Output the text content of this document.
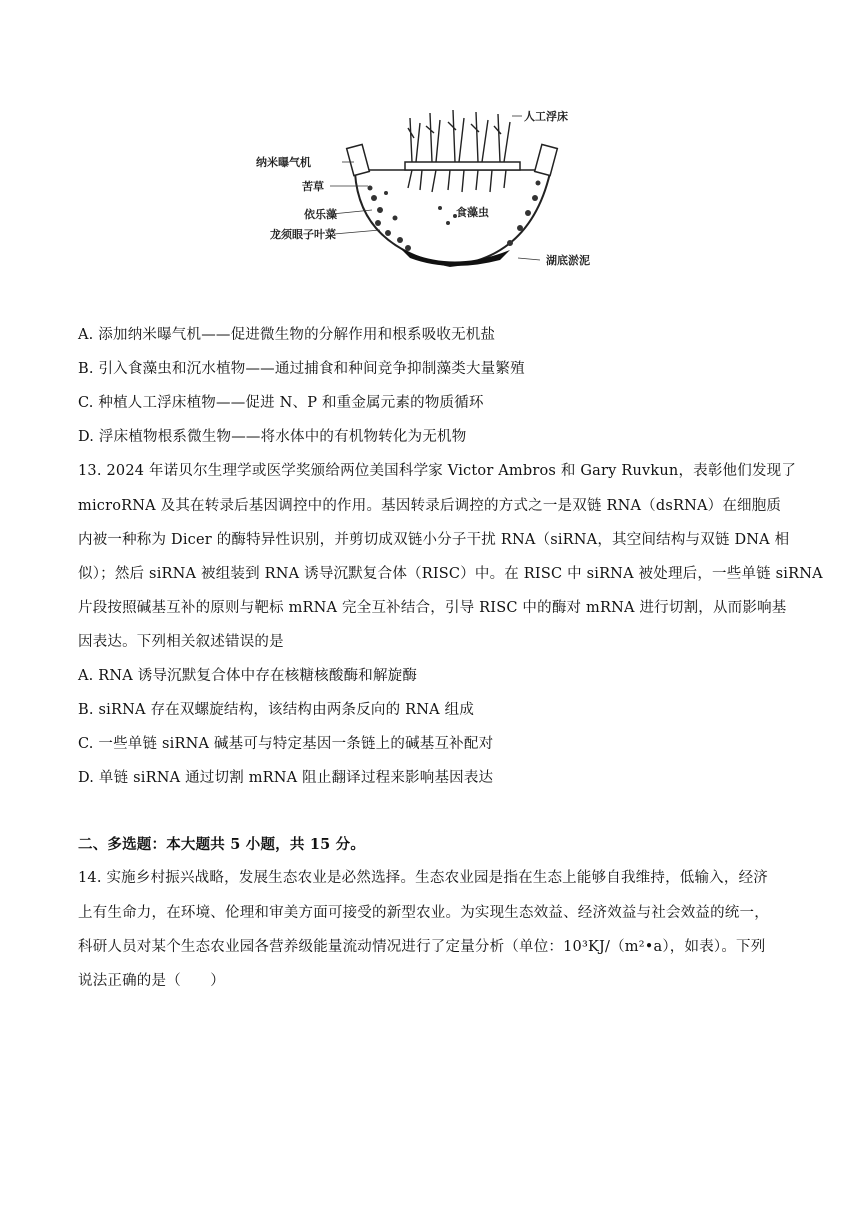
人工浮床
纳米曝气机
苦草
依乐藻
龙须眼子叶菜
食藻虫
湖底淤泥
A. 添加纳米曝气机——促进微生物的分解作用和根系吸收无机盐
B. 引入食藻虫和沉水植物——通过捕食和种间竞争抑制藻类大量繁殖
C. 种植人工浮床植物——促进 N、P 和重金属元素的物质循环
D. 浮床植物根系微生物——将水体中的有机物转化为无机物
13. 2024 年诺贝尔生理学或医学奖颁给两位美国科学家 Victor Ambros 和 Gary Ruvkun，表彰他们发现了
microRNA 及其在转录后基因调控中的作用。基因转录后调控的方式之一是双链 RNA（dsRNA）在细胞质
内被一种称为 Dicer 的酶特异性识别，并剪切成双链小分子干扰 RNA（siRNA，其空间结构与双链 DNA 相
似）；然后 siRNA 被组装到 RNA 诱导沉默复合体（RISC）中。在 RISC 中 siRNA 被处理后，一些单链 siRNA
片段按照碱基互补的原则与靶标 mRNA 完全互补结合，引导 RISC 中的酶对 mRNA 进行切割，从而影响基
因表达。下列相关叙述错误的是
A. RNA 诱导沉默复合体中存在核糖核酸酶和解旋酶
B. siRNA 存在双螺旋结构，该结构由两条反向的 RNA 组成
C. 一些单链 siRNA 碱基可与特定基因一条链上的碱基互补配对
D. 单链 siRNA 通过切割 mRNA 阻止翻译过程来影响基因表达
二、多选题：本大题共 5 小题，共 15 分。
14. 实施乡村振兴战略，发展生态农业是必然选择。生态农业园是指在生态上能够自我维持，低输入，经济
上有生命力，在环境、伦理和审美方面可接受的新型农业。为实现生态效益、经济效益与社会效益的统一，
科研人员对某个生态农业园各营养级能量流动情况进行了定量分析（单位：10³KJ/（m²•a），如表）。下列
说法正确的是（　　）
